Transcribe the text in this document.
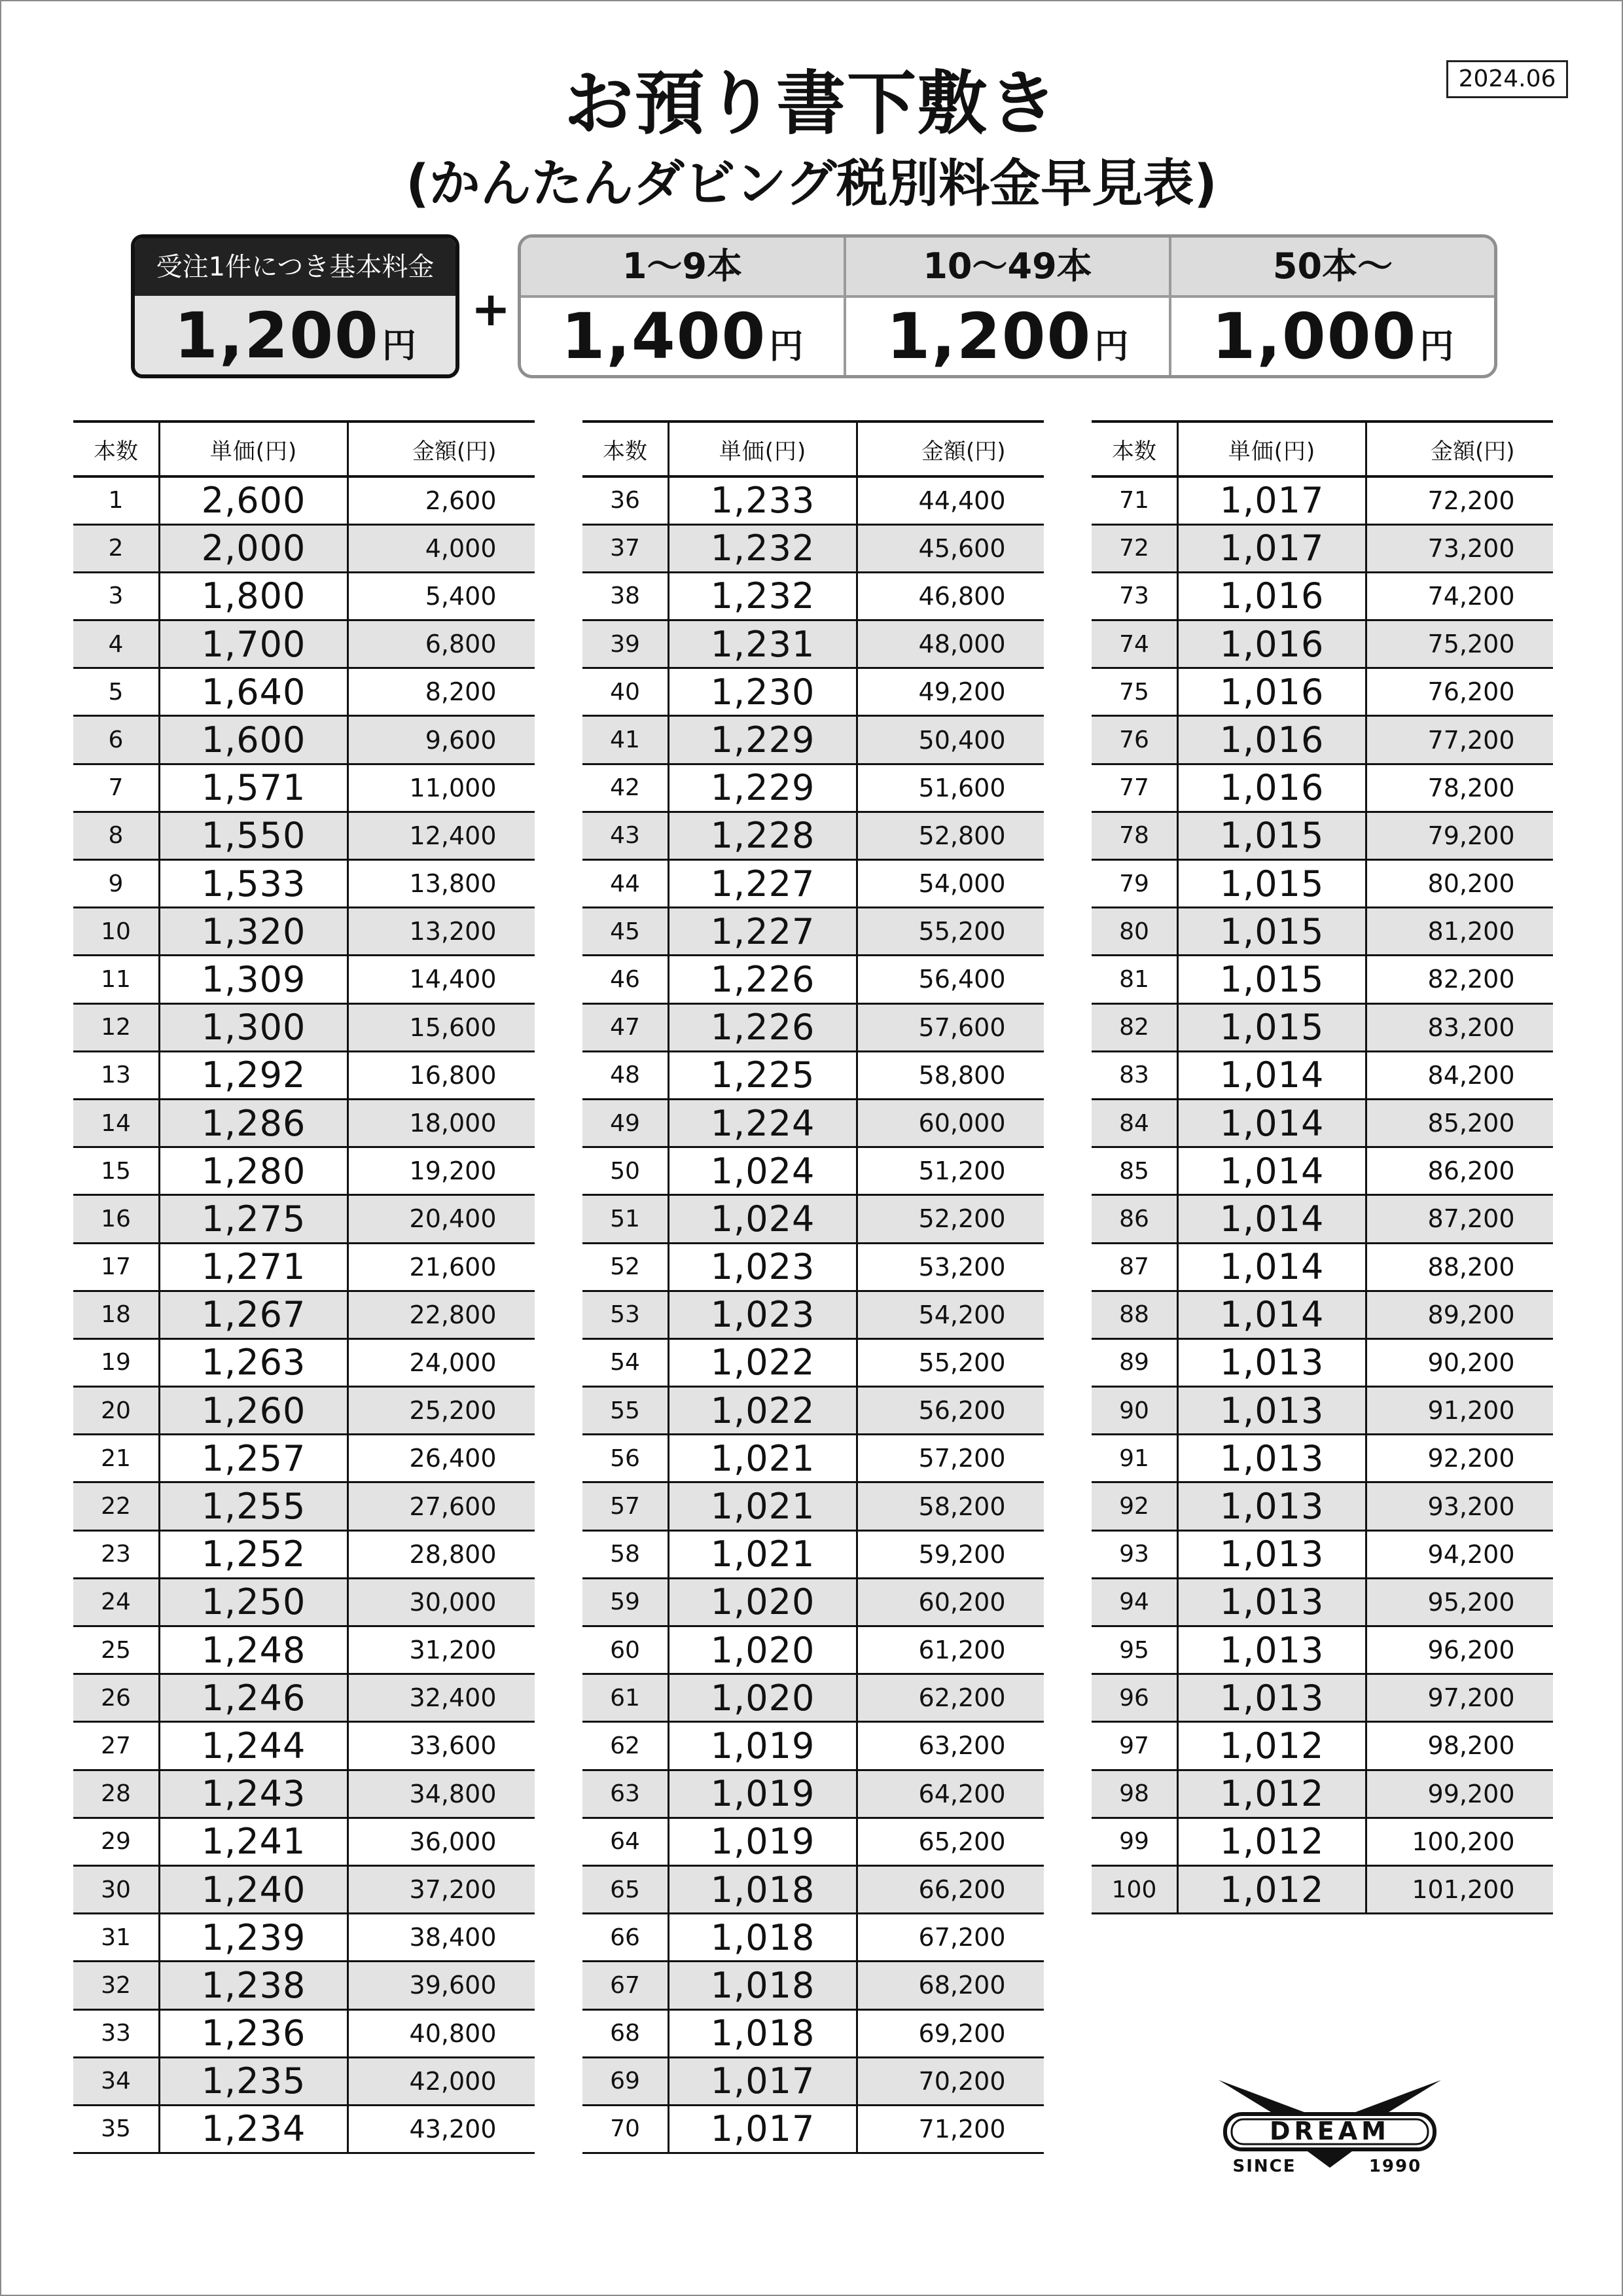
2024.06
お預り書下敷き
(かんたんダビング税別料金早見表)
受注1件につき基本料金
1,200円
+
1～9本
1,400円
10～49本
1,200円
50本～
1,000円
本数	単価(円)	金額(円)
1	2,600	2,600
2	2,000	4,000
3	1,800	5,400
4	1,700	6,800
5	1,640	8,200
6	1,600	9,600
7	1,571	11,000
8	1,550	12,400
9	1,533	13,800
10	1,320	13,200
11	1,309	14,400
12	1,300	15,600
13	1,292	16,800
14	1,286	18,000
15	1,280	19,200
16	1,275	20,400
17	1,271	21,600
18	1,267	22,800
19	1,263	24,000
20	1,260	25,200
21	1,257	26,400
22	1,255	27,600
23	1,252	28,800
24	1,250	30,000
25	1,248	31,200
26	1,246	32,400
27	1,244	33,600
28	1,243	34,800
29	1,241	36,000
30	1,240	37,200
31	1,239	38,400
32	1,238	39,600
33	1,236	40,800
34	1,235	42,000
35	1,234	43,200
本数	単価(円)	金額(円)
36	1,233	44,400
37	1,232	45,600
38	1,232	46,800
39	1,231	48,000
40	1,230	49,200
41	1,229	50,400
42	1,229	51,600
43	1,228	52,800
44	1,227	54,000
45	1,227	55,200
46	1,226	56,400
47	1,226	57,600
48	1,225	58,800
49	1,224	60,000
50	1,024	51,200
51	1,024	52,200
52	1,023	53,200
53	1,023	54,200
54	1,022	55,200
55	1,022	56,200
56	1,021	57,200
57	1,021	58,200
58	1,021	59,200
59	1,020	60,200
60	1,020	61,200
61	1,020	62,200
62	1,019	63,200
63	1,019	64,200
64	1,019	65,200
65	1,018	66,200
66	1,018	67,200
67	1,018	68,200
68	1,018	69,200
69	1,017	70,200
70	1,017	71,200
本数	単価(円)	金額(円)
71	1,017	72,200
72	1,017	73,200
73	1,016	74,200
74	1,016	75,200
75	1,016	76,200
76	1,016	77,200
77	1,016	78,200
78	1,015	79,200
79	1,015	80,200
80	1,015	81,200
81	1,015	82,200
82	1,015	83,200
83	1,014	84,200
84	1,014	85,200
85	1,014	86,200
86	1,014	87,200
87	1,014	88,200
88	1,014	89,200
89	1,013	90,200
90	1,013	91,200
91	1,013	92,200
92	1,013	93,200
93	1,013	94,200
94	1,013	95,200
95	1,013	96,200
96	1,013	97,200
97	1,012	98,200
98	1,012	99,200
99	1,012	100,200
100	1,012	101,200
DREAM
SINCE	1990
